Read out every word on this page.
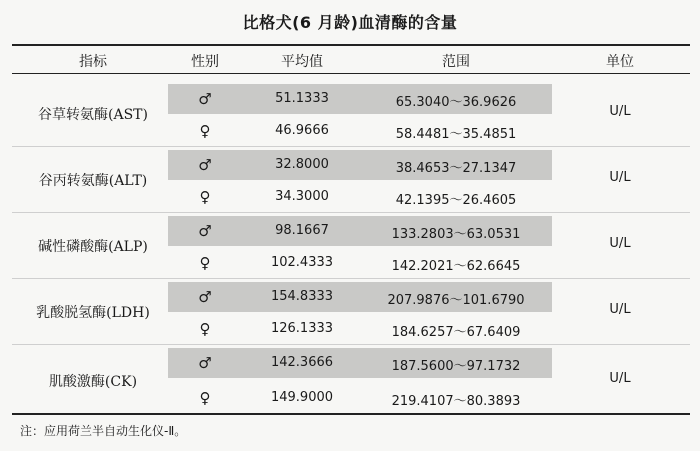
比格犬(6 月龄)血清酶的含量
指标	性别	平均值	范围	单位
谷草转氨酶(AST)
♂	51.1333	65.3040～36.9626
♀	46.9666	58.4481～35.4851
U/L
谷丙转氨酶(ALT)
♂	32.8000	38.4653～27.1347
♀	34.3000	42.1395～26.4605
U/L
碱性磷酸酶(ALP)
♂	98.1667	133.2803～63.0531
♀	102.4333	142.2021～62.6645
U/L
乳酸脱氢酶(LDH)
♂	154.8333	207.9876～101.6790
♀	126.1333	184.6257～67.6409
U/L
肌酸激酶(CK)
♂	142.3666	187.5600～97.1732
♀	149.9000	219.4107～80.3893
U/L
注：应用荷兰半自动生化仪-Ⅱ。
